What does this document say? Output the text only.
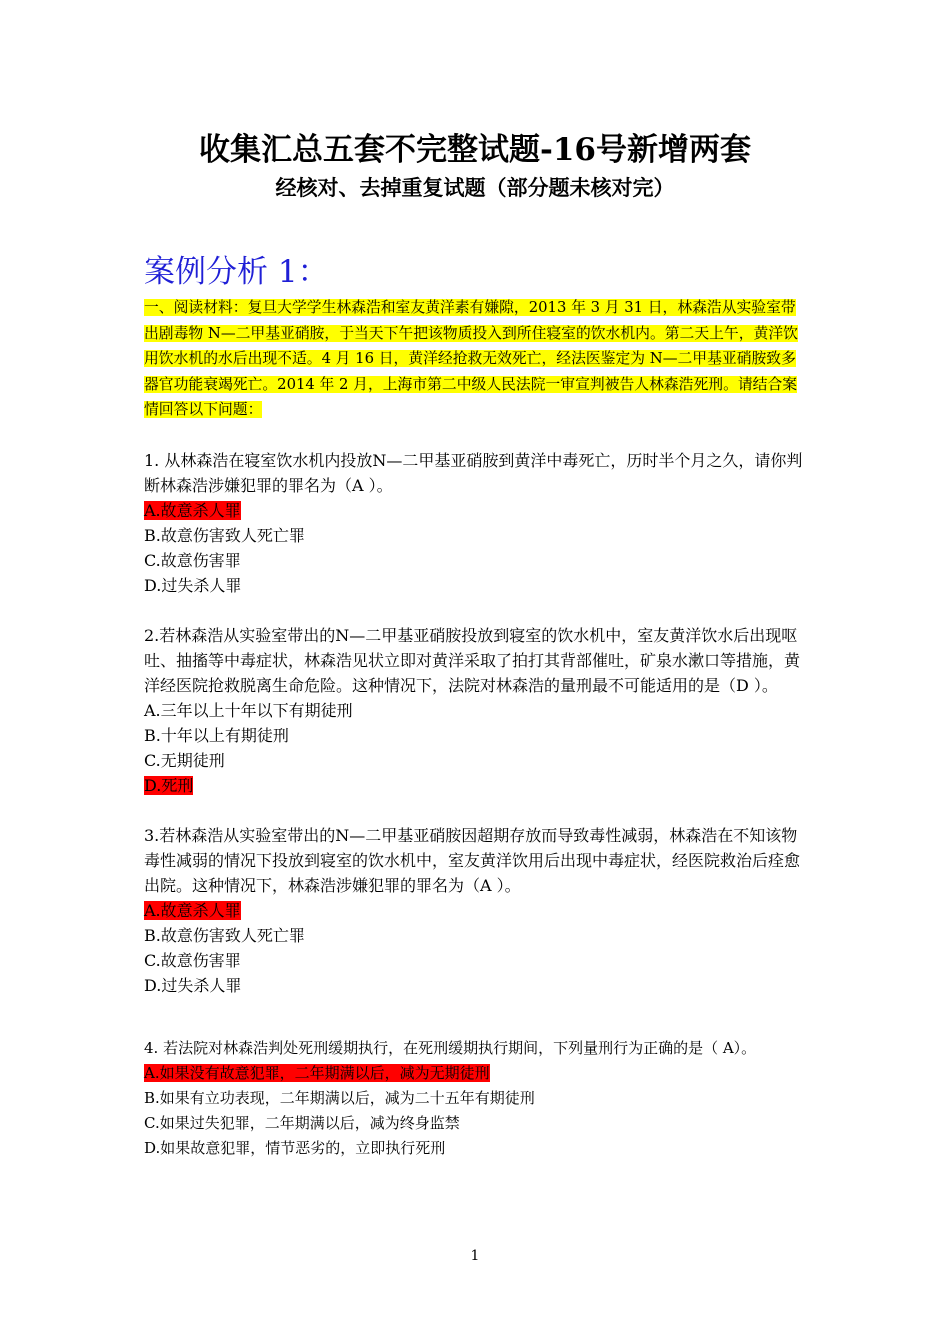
收集汇总五套不完整试题-16号新增两套
经核对、去掉重复试题（部分题未核对完）
案例分析 1：

一、阅读材料：复旦大学学生林森浩和室友黄洋素有嫌隙，2013 年 3 月 31 日，林森浩从实验室带出剧毒物 N—二甲基亚硝胺，于当天下午把该物质投入到所住寝室的饮水机内。第二天上午，黄洋饮用饮水机的水后出现不适。4 月 16 日，黄洋经抢救无效死亡，经法医鉴定为 N—二甲基亚硝胺致多器官功能衰竭死亡。2014 年 2 月，上海市第二中级人民法院一审宣判被告人林森浩死刑。请结合案情回答以下问题：

1. 从林森浩在寝室饮水机内投放N—二甲基亚硝胺到黄洋中毒死亡，历时半个月之久，请你判断林森浩涉嫌犯罪的罪名为（A ）。

A.故意杀人罪

B.故意伤害致人死亡罪

C.故意伤害罪

D.过失杀人罪

2.若林森浩从实验室带出的N—二甲基亚硝胺投放到寝室的饮水机中，室友黄洋饮水后出现呕吐、抽搐等中毒症状，林森浩见状立即对黄洋采取了拍打其背部催吐，矿泉水漱口等措施，黄洋经医院抢救脱离生命危险。这种情况下，法院对林森浩的量刑最不可能适用的是（D ）。

A.三年以上十年以下有期徒刑

B.十年以上有期徒刑

C.无期徒刑

D.死刑

3.若林森浩从实验室带出的N—二甲基亚硝胺因超期存放而导致毒性减弱，林森浩在不知该物毒性减弱的情况下投放到寝室的饮水机中，室友黄洋饮用后出现中毒症状，经医院救治后痊愈出院。这种情况下，林森浩涉嫌犯罪的罪名为（A ）。

A.故意杀人罪

B.故意伤害致人死亡罪

C.故意伤害罪

D.过失杀人罪

4. 若法院对林森浩判处死刑缓期执行，在死刑缓期执行期间，下列量刑行为正确的是（ A）。

A.如果没有故意犯罪，二年期满以后，减为无期徒刑

B.如果有立功表现，二年期满以后，减为二十五年有期徒刑

C.如果过失犯罪，二年期满以后，减为终身监禁

D.如果故意犯罪，情节恶劣的，立即执行死刑

1
